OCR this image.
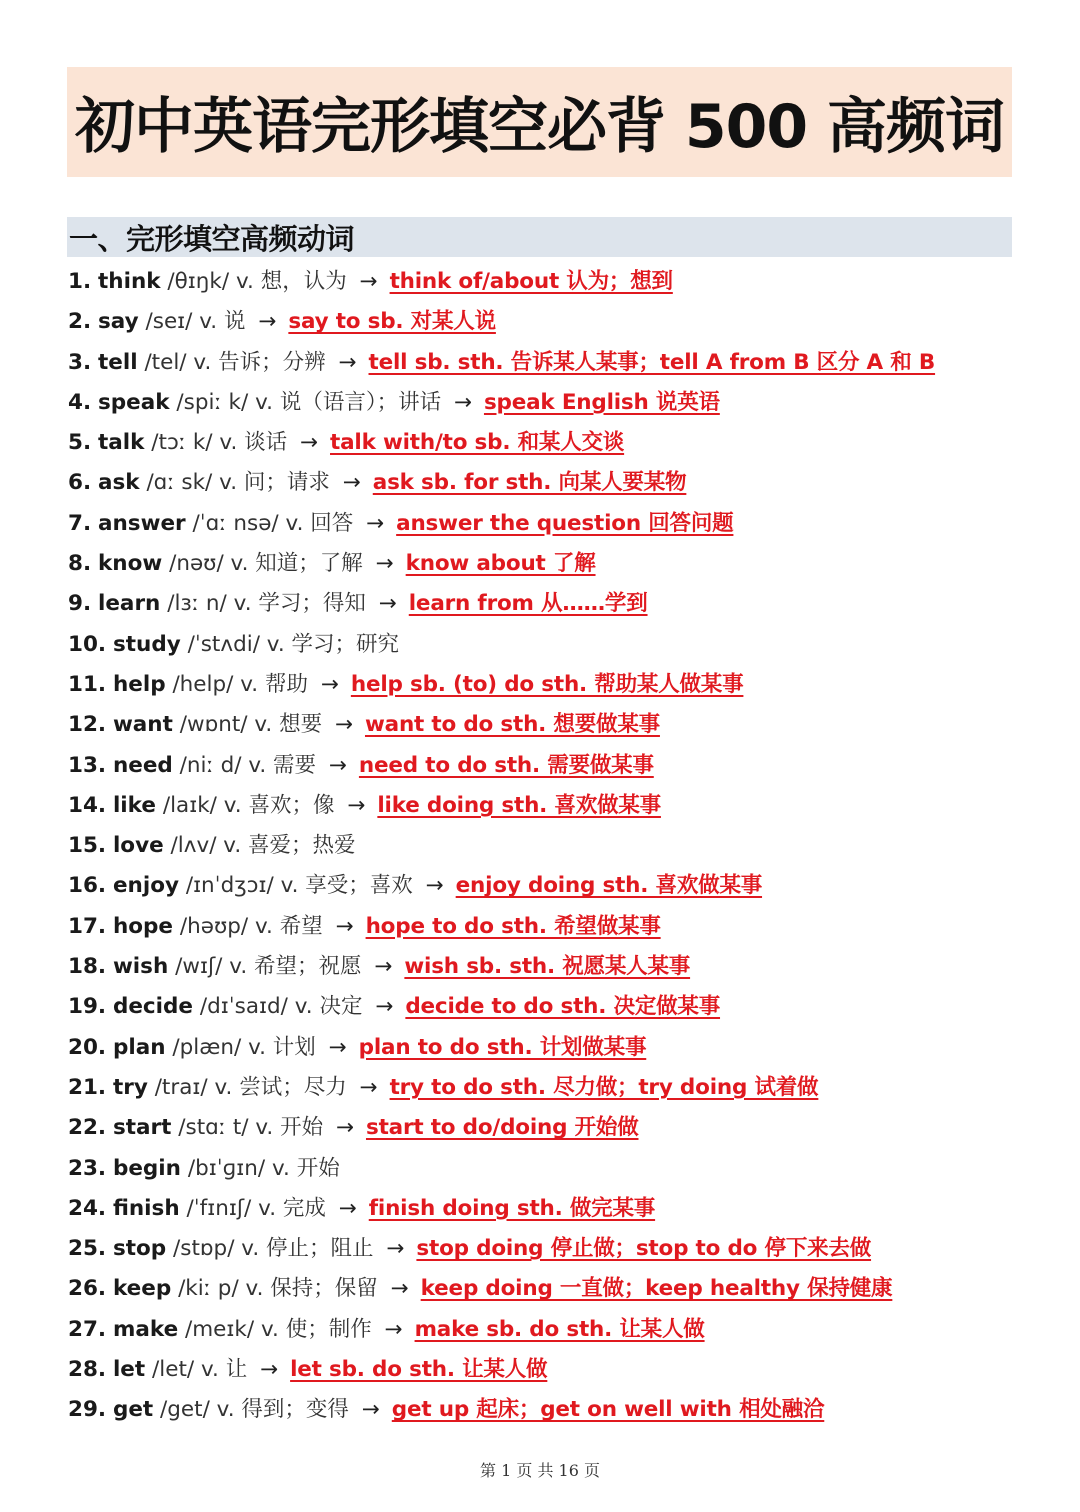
初中英语完形填空必背 500 高频词
一、完形填空高频动词
1. think /θɪŋk/ v. 想，认为 → think of/about 认为；想到
2. say /seɪ/ v. 说 → say to sb. 对某人说
3. tell /tel/ v. 告诉；分辨 → tell sb. sth. 告诉某人某事；tell A from B 区分 A 和 B
4. speak /spiː k/ v. 说（语言）；讲话 → speak English 说英语
5. talk /tɔː k/ v. 谈话 → talk with/to sb. 和某人交谈
6. ask /ɑː sk/ v. 问；请求 → ask sb. for sth. 向某人要某物
7. answer /ˈɑː nsə/ v. 回答 → answer the question 回答问题
8. know /nəʊ/ v. 知道；了解 → know about 了解
9. learn /lɜː n/ v. 学习；得知 → learn from 从……学到
10. study /ˈstʌdi/ v. 学习；研究
11. help /help/ v. 帮助 → help sb. (to) do sth. 帮助某人做某事
12. want /wɒnt/ v. 想要 → want to do sth. 想要做某事
13. need /niː d/ v. 需要 → need to do sth. 需要做某事
14. like /laɪk/ v. 喜欢；像 → like doing sth. 喜欢做某事
15. love /lʌv/ v. 喜爱；热爱
16. enjoy /ɪnˈdʒɔɪ/ v. 享受；喜欢 → enjoy doing sth. 喜欢做某事
17. hope /həʊp/ v. 希望 → hope to do sth. 希望做某事
18. wish /wɪʃ/ v. 希望；祝愿 → wish sb. sth. 祝愿某人某事
19. decide /dɪˈsaɪd/ v. 决定 → decide to do sth. 决定做某事
20. plan /plæn/ v. 计划 → plan to do sth. 计划做某事
21. try /traɪ/ v. 尝试；尽力 → try to do sth. 尽力做；try doing 试着做
22. start /stɑː t/ v. 开始 → start to do/doing 开始做
23. begin /bɪˈɡɪn/ v. 开始
24. finish /ˈfɪnɪʃ/ v. 完成 → finish doing sth. 做完某事
25. stop /stɒp/ v. 停止；阻止 → stop doing 停止做；stop to do 停下来去做
26. keep /kiː p/ v. 保持；保留 → keep doing 一直做；keep healthy 保持健康
27. make /meɪk/ v. 使；制作 → make sb. do sth. 让某人做
28. let /let/ v. 让 → let sb. do sth. 让某人做
29. get /get/ v. 得到；变得 → get up 起床；get on well with 相处融洽
第 1 页 共 16 页
